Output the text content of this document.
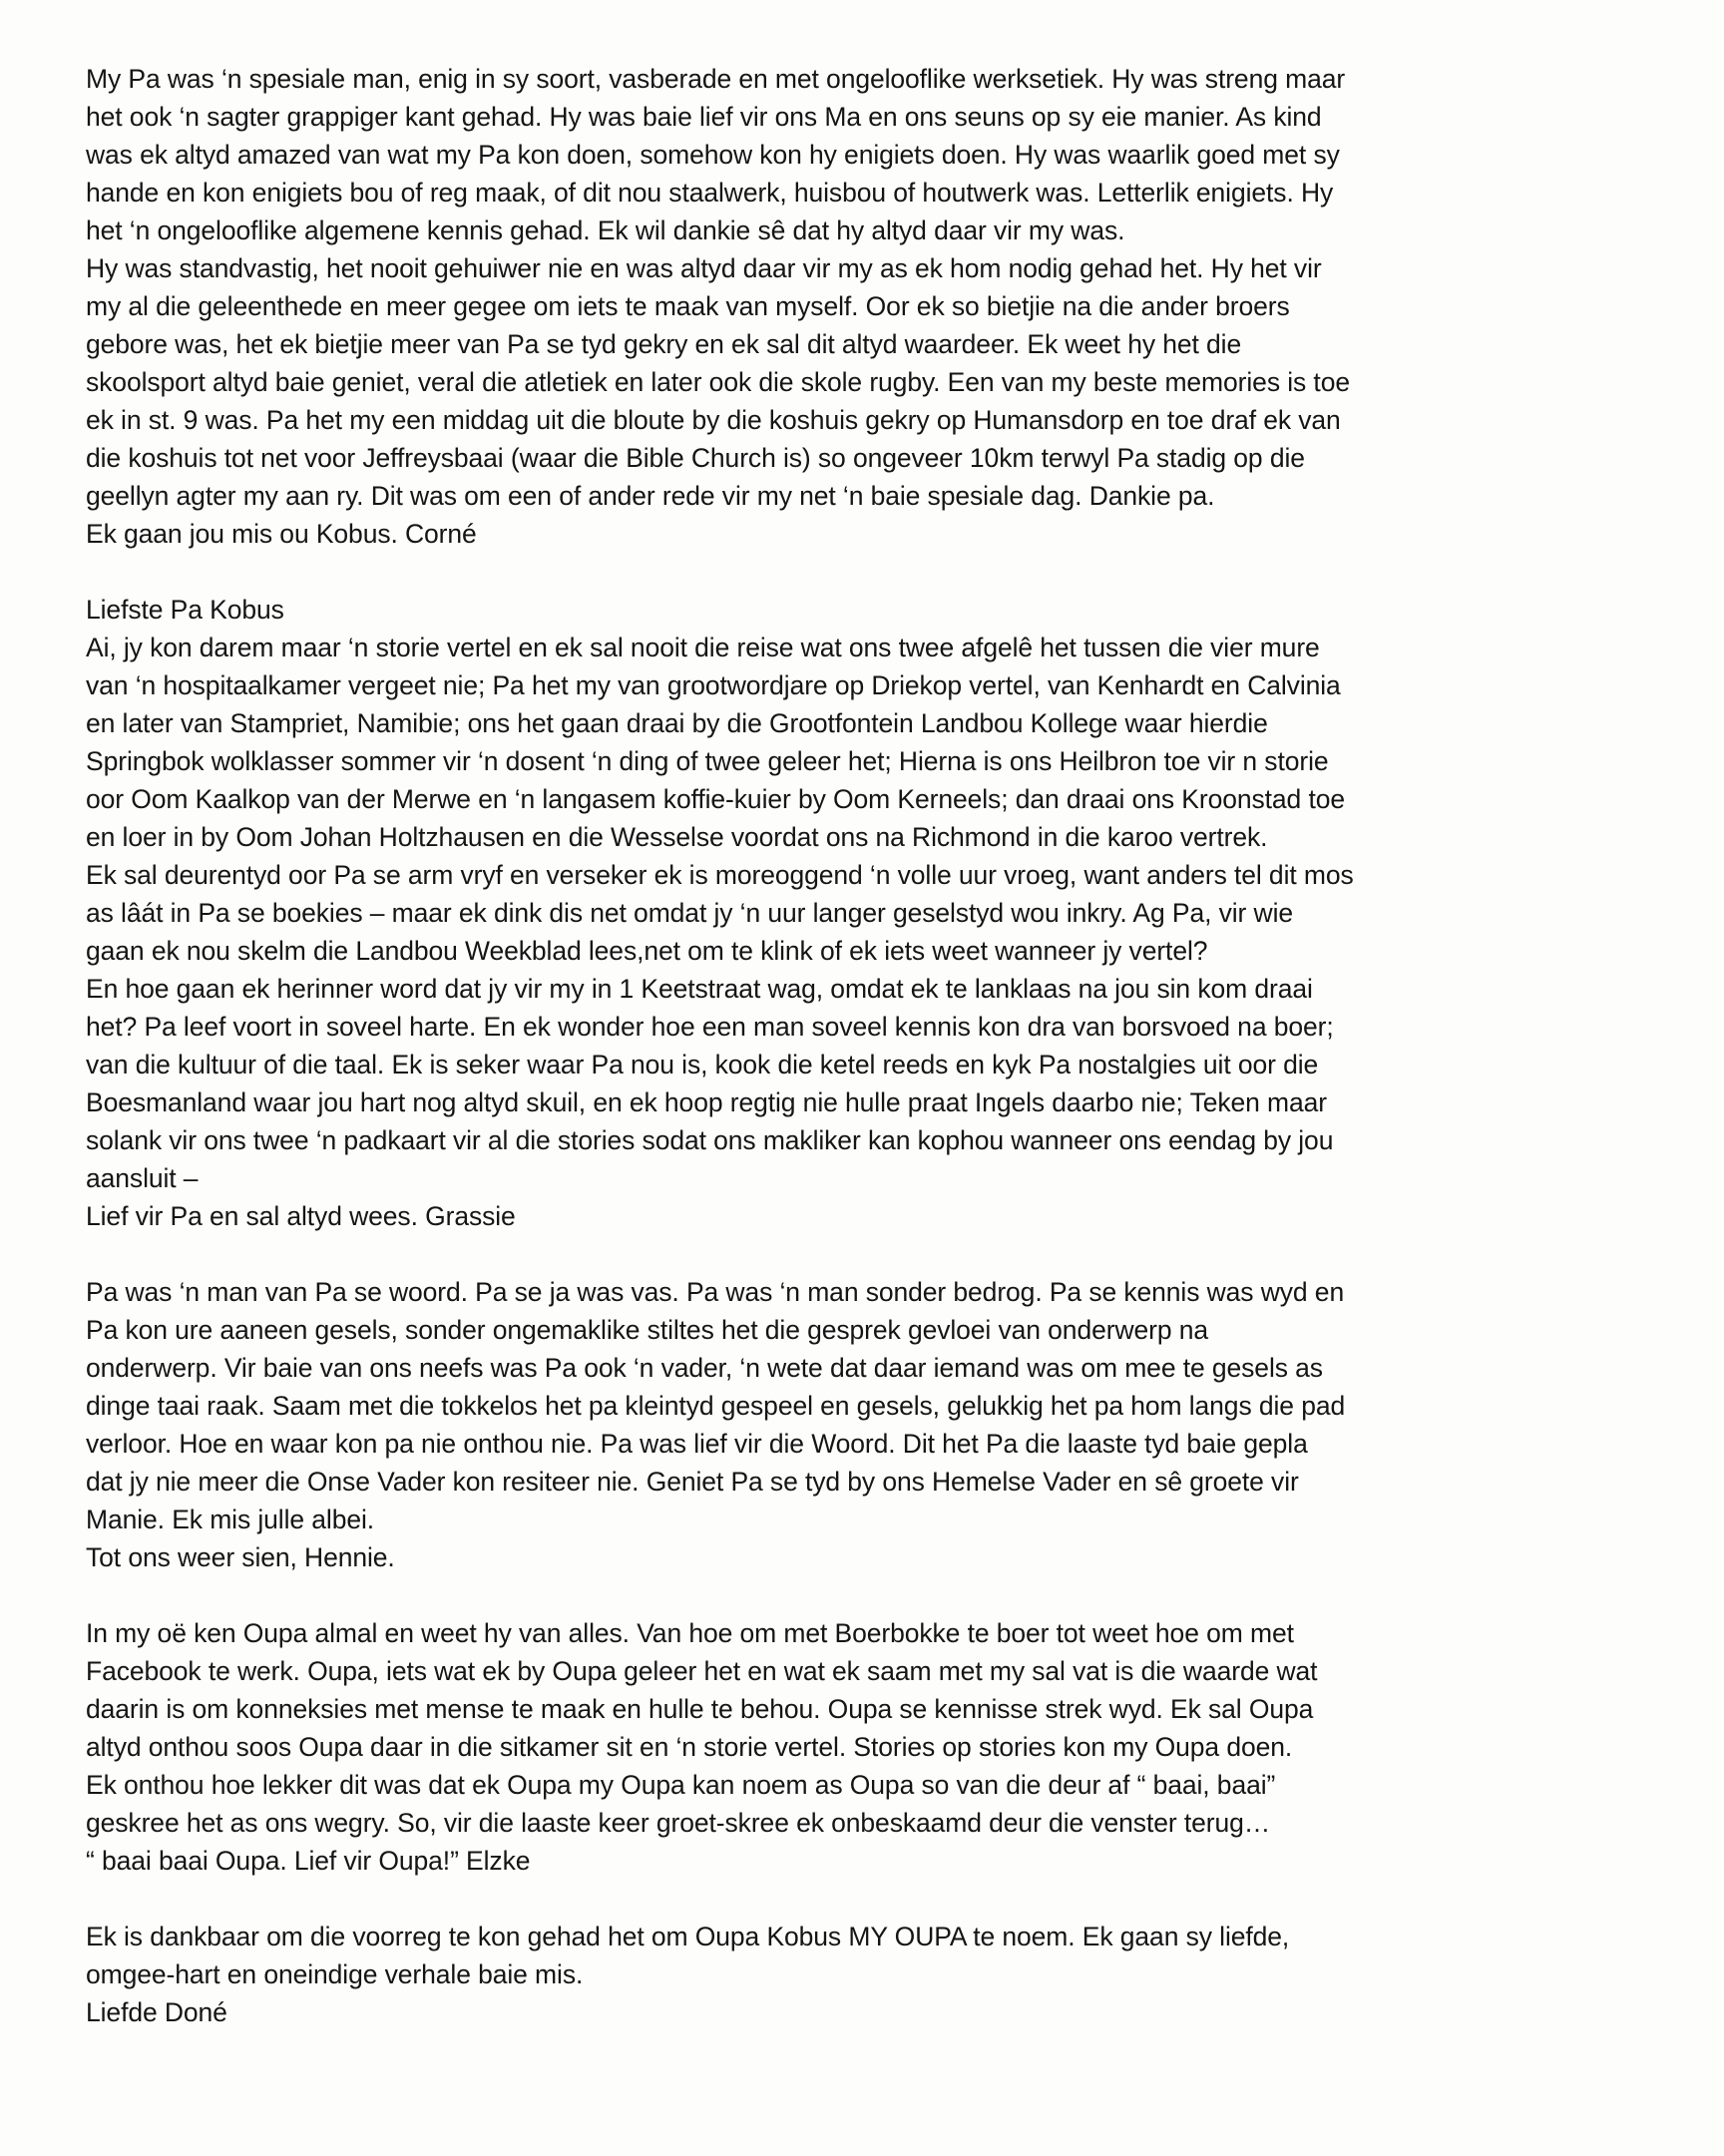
My Pa was ‘n spesiale man, enig in sy soort, vasberade en met ongelooflike werksetiek. Hy was streng maar
het ook ‘n sagter grappiger kant gehad. Hy was baie lief vir ons Ma en ons seuns op sy eie manier. As kind
was ek altyd amazed van wat my Pa kon doen, somehow kon hy enigiets doen. Hy was waarlik goed met sy
hande en kon enigiets bou of reg maak, of dit nou staalwerk, huisbou of houtwerk was. Letterlik enigiets. Hy
het ‘n ongelooflike algemene kennis gehad. Ek wil dankie sê dat hy altyd daar vir my was.
Hy was standvastig, het nooit gehuiwer nie en was altyd daar vir my as ek hom nodig gehad het. Hy het vir
my al die geleenthede en meer gegee om iets te maak van myself. Oor ek so bietjie na die ander broers
gebore was, het ek bietjie meer van Pa se tyd gekry en ek sal dit altyd waardeer. Ek weet hy het die
skoolsport altyd baie geniet, veral die atletiek en later ook die skole rugby. Een van my beste memories is toe
ek in st. 9 was. Pa het my een middag uit die bloute by die koshuis gekry op Humansdorp en toe draf ek van
die koshuis tot net voor Jeffreysbaai (waar die Bible Church is) so ongeveer 10km terwyl Pa stadig op die
geellyn agter my aan ry. Dit was om een of ander rede vir my net ‘n baie spesiale dag. Dankie pa.
Ek gaan jou mis ou Kobus. Corné
Liefste Pa Kobus
Ai, jy kon darem maar ‘n storie vertel en ek sal nooit die reise wat ons twee afgelê het tussen die vier mure
van ‘n hospitaalkamer vergeet nie; Pa het my van grootwordjare op Driekop vertel, van Kenhardt en Calvinia
en later van Stampriet, Namibie; ons het gaan draai by die Grootfontein Landbou Kollege waar hierdie
Springbok wolklasser sommer vir ‘n dosent ‘n ding of twee geleer het; Hierna is ons Heilbron toe vir n storie
oor Oom Kaalkop van der Merwe en ‘n langasem koffie-kuier by Oom Kerneels; dan draai ons Kroonstad toe
en loer in by Oom Johan Holtzhausen en die Wesselse voordat ons na Richmond in die karoo vertrek.
Ek sal deurentyd oor Pa se arm vryf en verseker ek is moreoggend ‘n volle uur vroeg, want anders tel dit mos
as lâát in Pa se boekies – maar ek dink dis net omdat jy ‘n uur langer geselstyd wou inkry. Ag Pa, vir wie
gaan ek nou skelm die Landbou Weekblad lees,net om te klink of ek iets weet wanneer jy vertel?
En hoe gaan ek herinner word dat jy vir my in 1 Keetstraat wag, omdat ek te lanklaas na jou sin kom draai
het? Pa leef voort in soveel harte. En ek wonder hoe een man soveel kennis kon dra van borsvoed na boer;
van die kultuur of die taal. Ek is seker waar Pa nou is, kook die ketel reeds en kyk Pa nostalgies uit oor die
Boesmanland waar jou hart nog altyd skuil, en ek hoop regtig nie hulle praat Ingels daarbo nie; Teken maar
solank vir ons twee ‘n padkaart vir al die stories sodat ons makliker kan kophou wanneer ons eendag by jou
aansluit –
Lief vir Pa en sal altyd wees. Grassie
Pa was ‘n man van Pa se woord. Pa se ja was vas. Pa was ‘n man sonder bedrog. Pa se kennis was wyd en
Pa kon ure aaneen gesels, sonder ongemaklike stiltes het die gesprek gevloei van onderwerp na
onderwerp. Vir baie van ons neefs was Pa ook ‘n vader, ‘n wete dat daar iemand was om mee te gesels as
dinge taai raak. Saam met die tokkelos het pa kleintyd gespeel en gesels, gelukkig het pa hom langs die pad
verloor. Hoe en waar kon pa nie onthou nie. Pa was lief vir die Woord. Dit het Pa die laaste tyd baie gepla
dat jy nie meer die Onse Vader kon resiteer nie. Geniet Pa se tyd by ons Hemelse Vader en sê groete vir
Manie. Ek mis julle albei.
Tot ons weer sien, Hennie.
In my oë ken Oupa almal en weet hy van alles. Van hoe om met Boerbokke te boer tot weet hoe om met
Facebook te werk. Oupa, iets wat ek by Oupa geleer het en wat ek saam met my sal vat is die waarde wat
daarin is om konneksies met mense te maak en hulle te behou. Oupa se kennisse strek wyd. Ek sal Oupa
altyd onthou soos Oupa daar in die sitkamer sit en ‘n storie vertel. Stories op stories kon my Oupa doen.
Ek onthou hoe lekker dit was dat ek Oupa my Oupa kan noem as Oupa so van die deur af “ baai, baai”
geskree het as ons wegry. So, vir die laaste keer groet-skree ek onbeskaamd deur die venster terug…
“ baai baai Oupa. Lief vir Oupa!” Elzke
Ek is dankbaar om die voorreg te kon gehad het om Oupa Kobus MY OUPA te noem. Ek gaan sy liefde,
omgee-hart en oneindige verhale baie mis.
Liefde Doné
